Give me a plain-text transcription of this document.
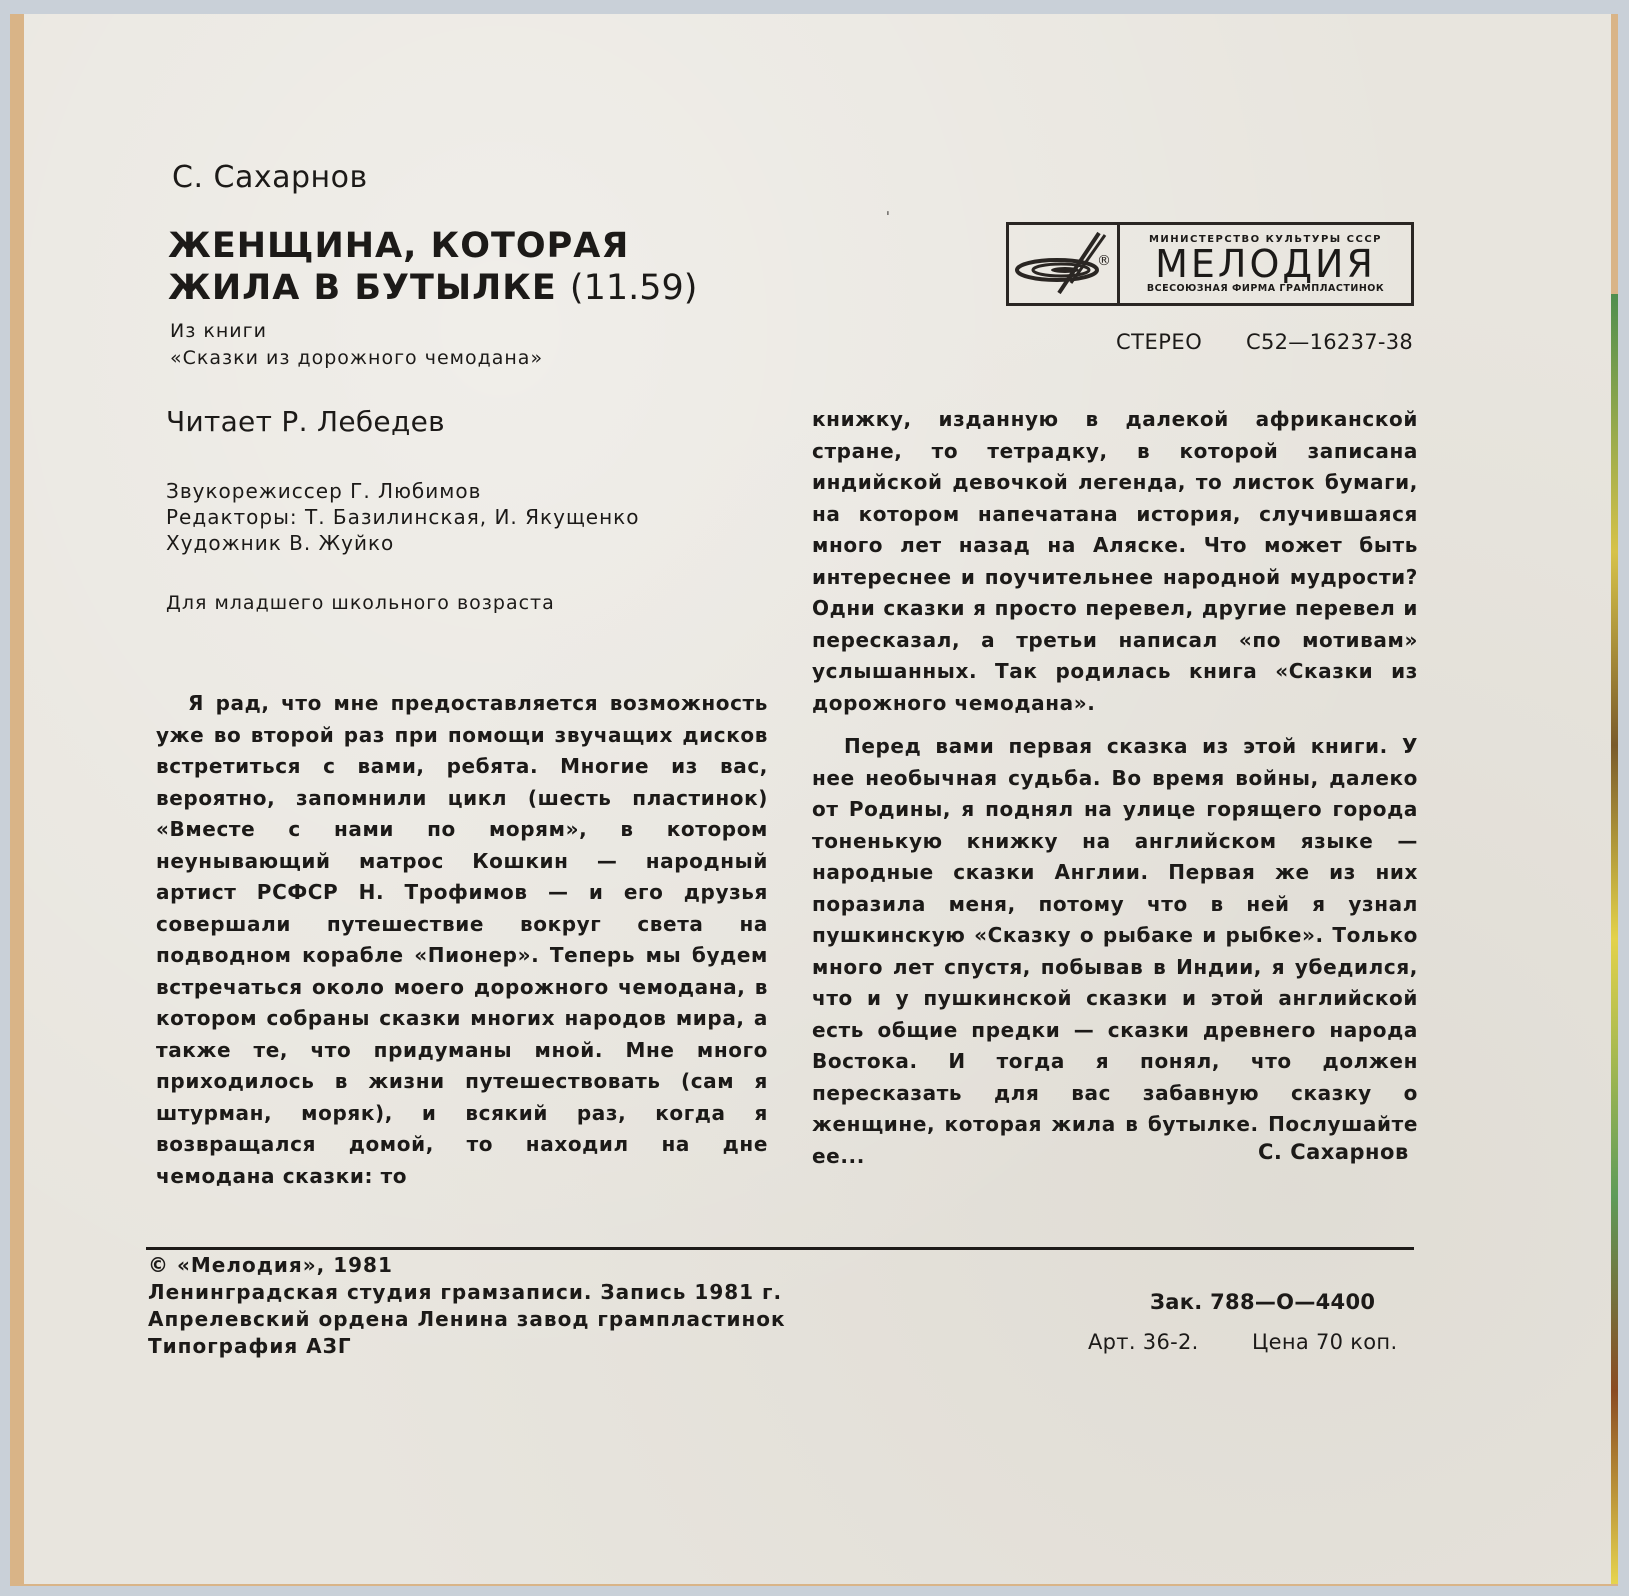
ˈ
С. Сахарнов
ЖЕНЩИНА, КОТОРАЯ
ЖИЛА В БУТЫЛКЕ (11.59)
Из книги
«Сказки из дорожного чемодана»
Читает Р. Лебедев
Звукорежиссер Г. Любимов
Редакторы: Т. Базилинская, И. Якущенко
Художник В. Жуйко
Для младшего школьного возраста
®
МИНИСТЕРСТВО КУЛЬТУРЫ СССР
МЕЛОДИЯ
ВСЕСОЮЗНАЯ ФИРМА ГРАМПЛАСТИНОК
СТЕРЕО С52—16237-38

Я рад, что мне предоставляется возможность уже во второй раз при помощи звучащих дисков встретиться с вами, ребята. Многие из вас, вероятно, запомнили цикл (шесть пластинок) «Вместе с нами по морям», в котором неунывающий матрос Кошкин — народный артист РСФСР Н. Трофимов — и его друзья совершали путешествие вокруг света на подводном корабле «Пионер». Теперь мы будем встречаться около моего дорожного чемодана, в котором собраны сказки многих народов мира, а также те, что придуманы мной. Мне много приходилось в жизни путешествовать (сам я штурман, моряк), и всякий раз, когда я возвращался домой, то находил на дне чемодана сказки: то

книжку, изданную в далекой африканской стране, то тетрадку, в которой записана индийской девочкой легенда, то листок бумаги, на котором напечатана история, случившаяся много лет назад на Аляске. Что может быть интереснее и поучительнее народной мудрости? Одни сказки я просто перевел, другие перевел и пересказал, а третьи написал «по мотивам» услышанных. Так родилась книга «Сказки из дорожного чемодана».

Перед вами первая сказка из этой книги. У нее необычная судьба. Во время войны, далеко от Родины, я поднял на улице горящего города тоненькую книжку на английском языке — народные сказки Англии. Первая же из них поразила меня, потому что в ней я узнал пушкинскую «Сказку о рыбаке и рыбке». Только много лет спустя, побывав в Индии, я убедился, что и у пушкинской сказки и этой английской есть общие предки — сказки древнего народа Востока. И тогда я понял, что должен пересказать для вас забавную сказку о женщине, которая жила в бутылке. Послушайте ее...	С. Сахарнов
© «Мелодия», 1981
Ленинградская студия грамзаписи. Запись 1981 г.
Апрелевский ордена Ленина завод грампластинок
Типография АЗГ
Зак. 788—О—4400
Арт. 36-2.	Цена 70 коп.
